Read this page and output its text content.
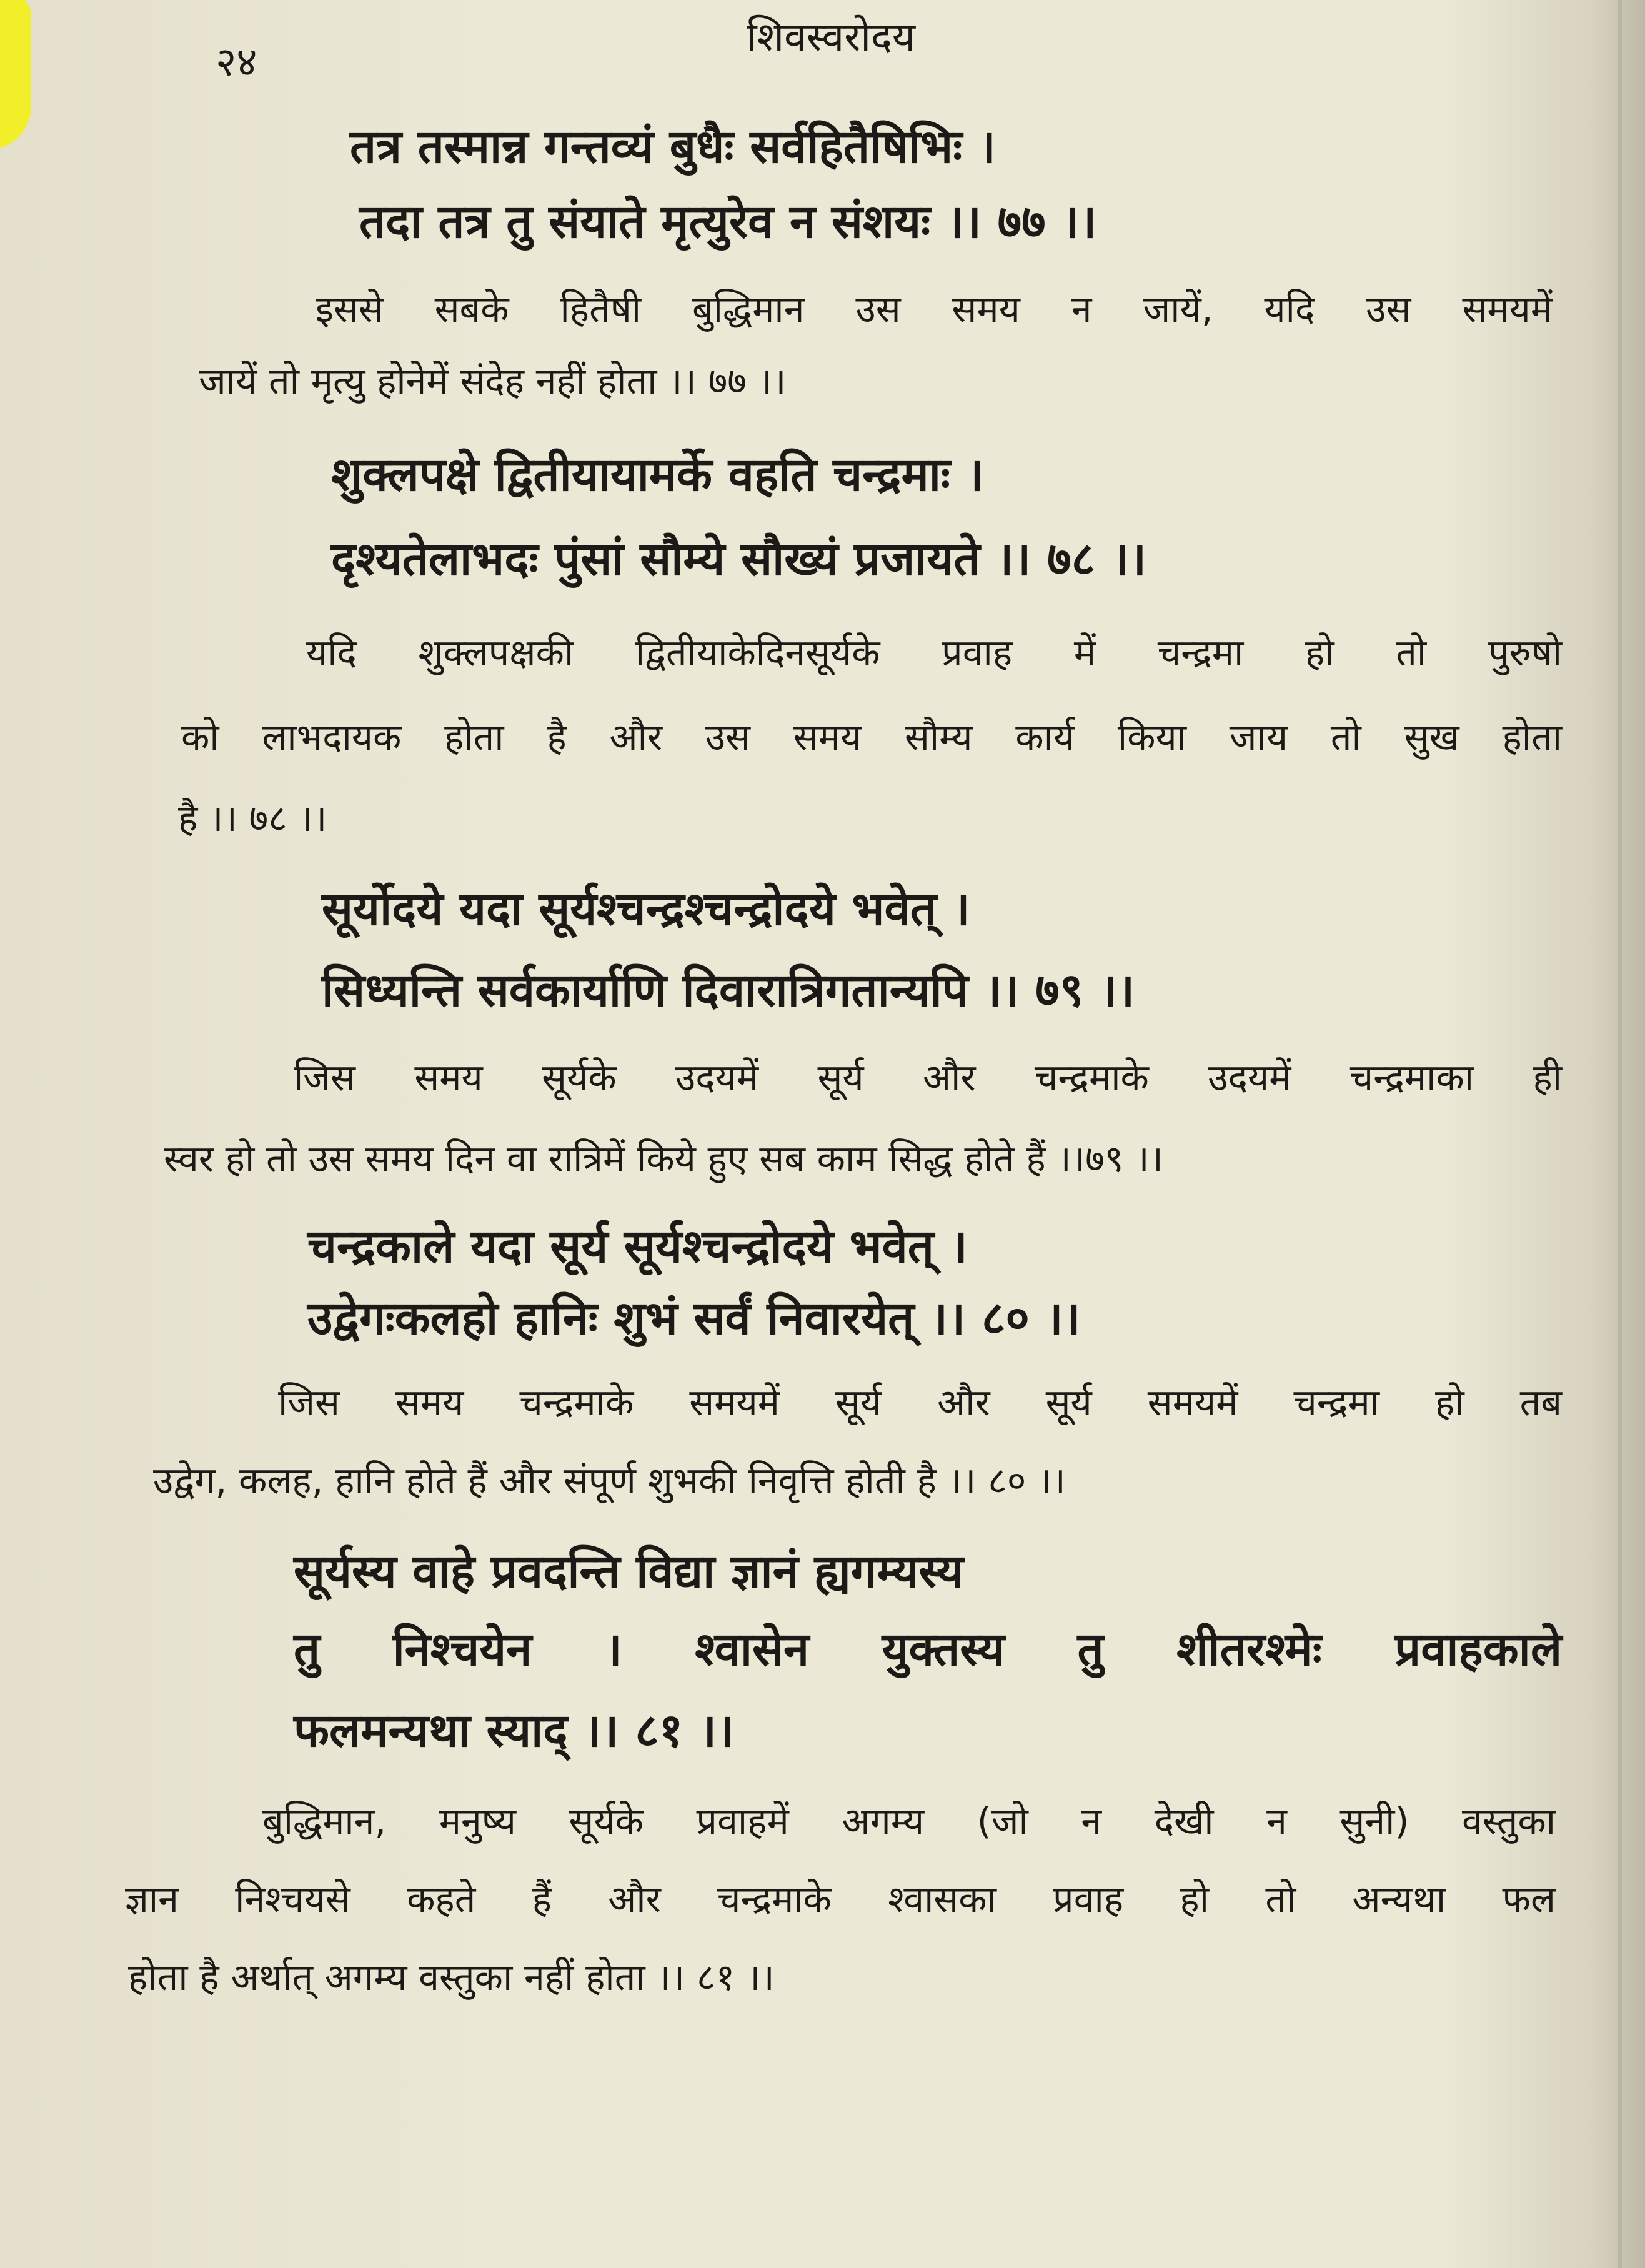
२४
शिवस्वरोदय
तत्र तस्मान्न गन्तव्यं बुधैः सर्वहितैषिभिः ।
तदा तत्र तु संयाते मृत्युरेव न संशयः ।। ७७ ।।
इससे सबके हितैषी बुद्धिमान उस समय न जायें, यदि उस समयमें
जायें तो मृत्यु होनेमें संदेह नहीं होता ।। ७७ ।।
शुक्लपक्षे द्वितीयायामर्के वहति चन्द्रमाः ।
दृश्यतेलाभदः पुंसां सौम्ये सौख्यं प्रजायते ।। ७८ ।।
यदि शुक्लपक्षकी द्वितीयाकेदिनसूर्यके प्रवाह में चन्द्रमा हो तो पुरुषो
को लाभदायक होता है और उस समय सौम्य कार्य किया जाय तो सुख होता
है ।। ७८ ।।
सूर्योदये यदा सूर्यश्चन्द्रश्चन्द्रोदये भवेत् ।
सिध्यन्ति सर्वकार्याणि दिवारात्रिगतान्यपि ।। ७९ ।।
जिस समय सूर्यके उदयमें सूर्य और चन्द्रमाके उदयमें चन्द्रमाका ही
स्वर हो तो उस समय दिन वा रात्रिमें किये हुए सब काम सिद्ध होते हैं ।।७९ ।।
चन्द्रकाले यदा सूर्य सूर्यश्चन्द्रोदये भवेत् ।
उद्वेगःकलहो हानिः शुभं सर्वं निवारयेत् ।। ८० ।।
जिस समय चन्द्रमाके समयमें सूर्य और सूर्य समयमें चन्द्रमा हो तब
उद्वेग, कलह, हानि होते हैं और संपूर्ण शुभकी निवृत्ति होती है ।। ८० ।।
सूर्यस्य वाहे प्रवदन्ति विद्या ज्ञानं ह्यगम्यस्य
तु निश्चयेन । श्वासेन युक्तस्य तु शीतरश्मेः प्रवाहकाले
फलमन्यथा स्याद् ।। ८१ ।।
बुद्धिमान, मनुष्य सूर्यके प्रवाहमें अगम्य (जो न देखी न सुनी) वस्तुका
ज्ञान निश्चयसे कहते हैं और चन्द्रमाके श्वासका प्रवाह हो तो अन्यथा फल
होता है अर्थात् अगम्य वस्तुका नहीं होता ।। ८१ ।।
